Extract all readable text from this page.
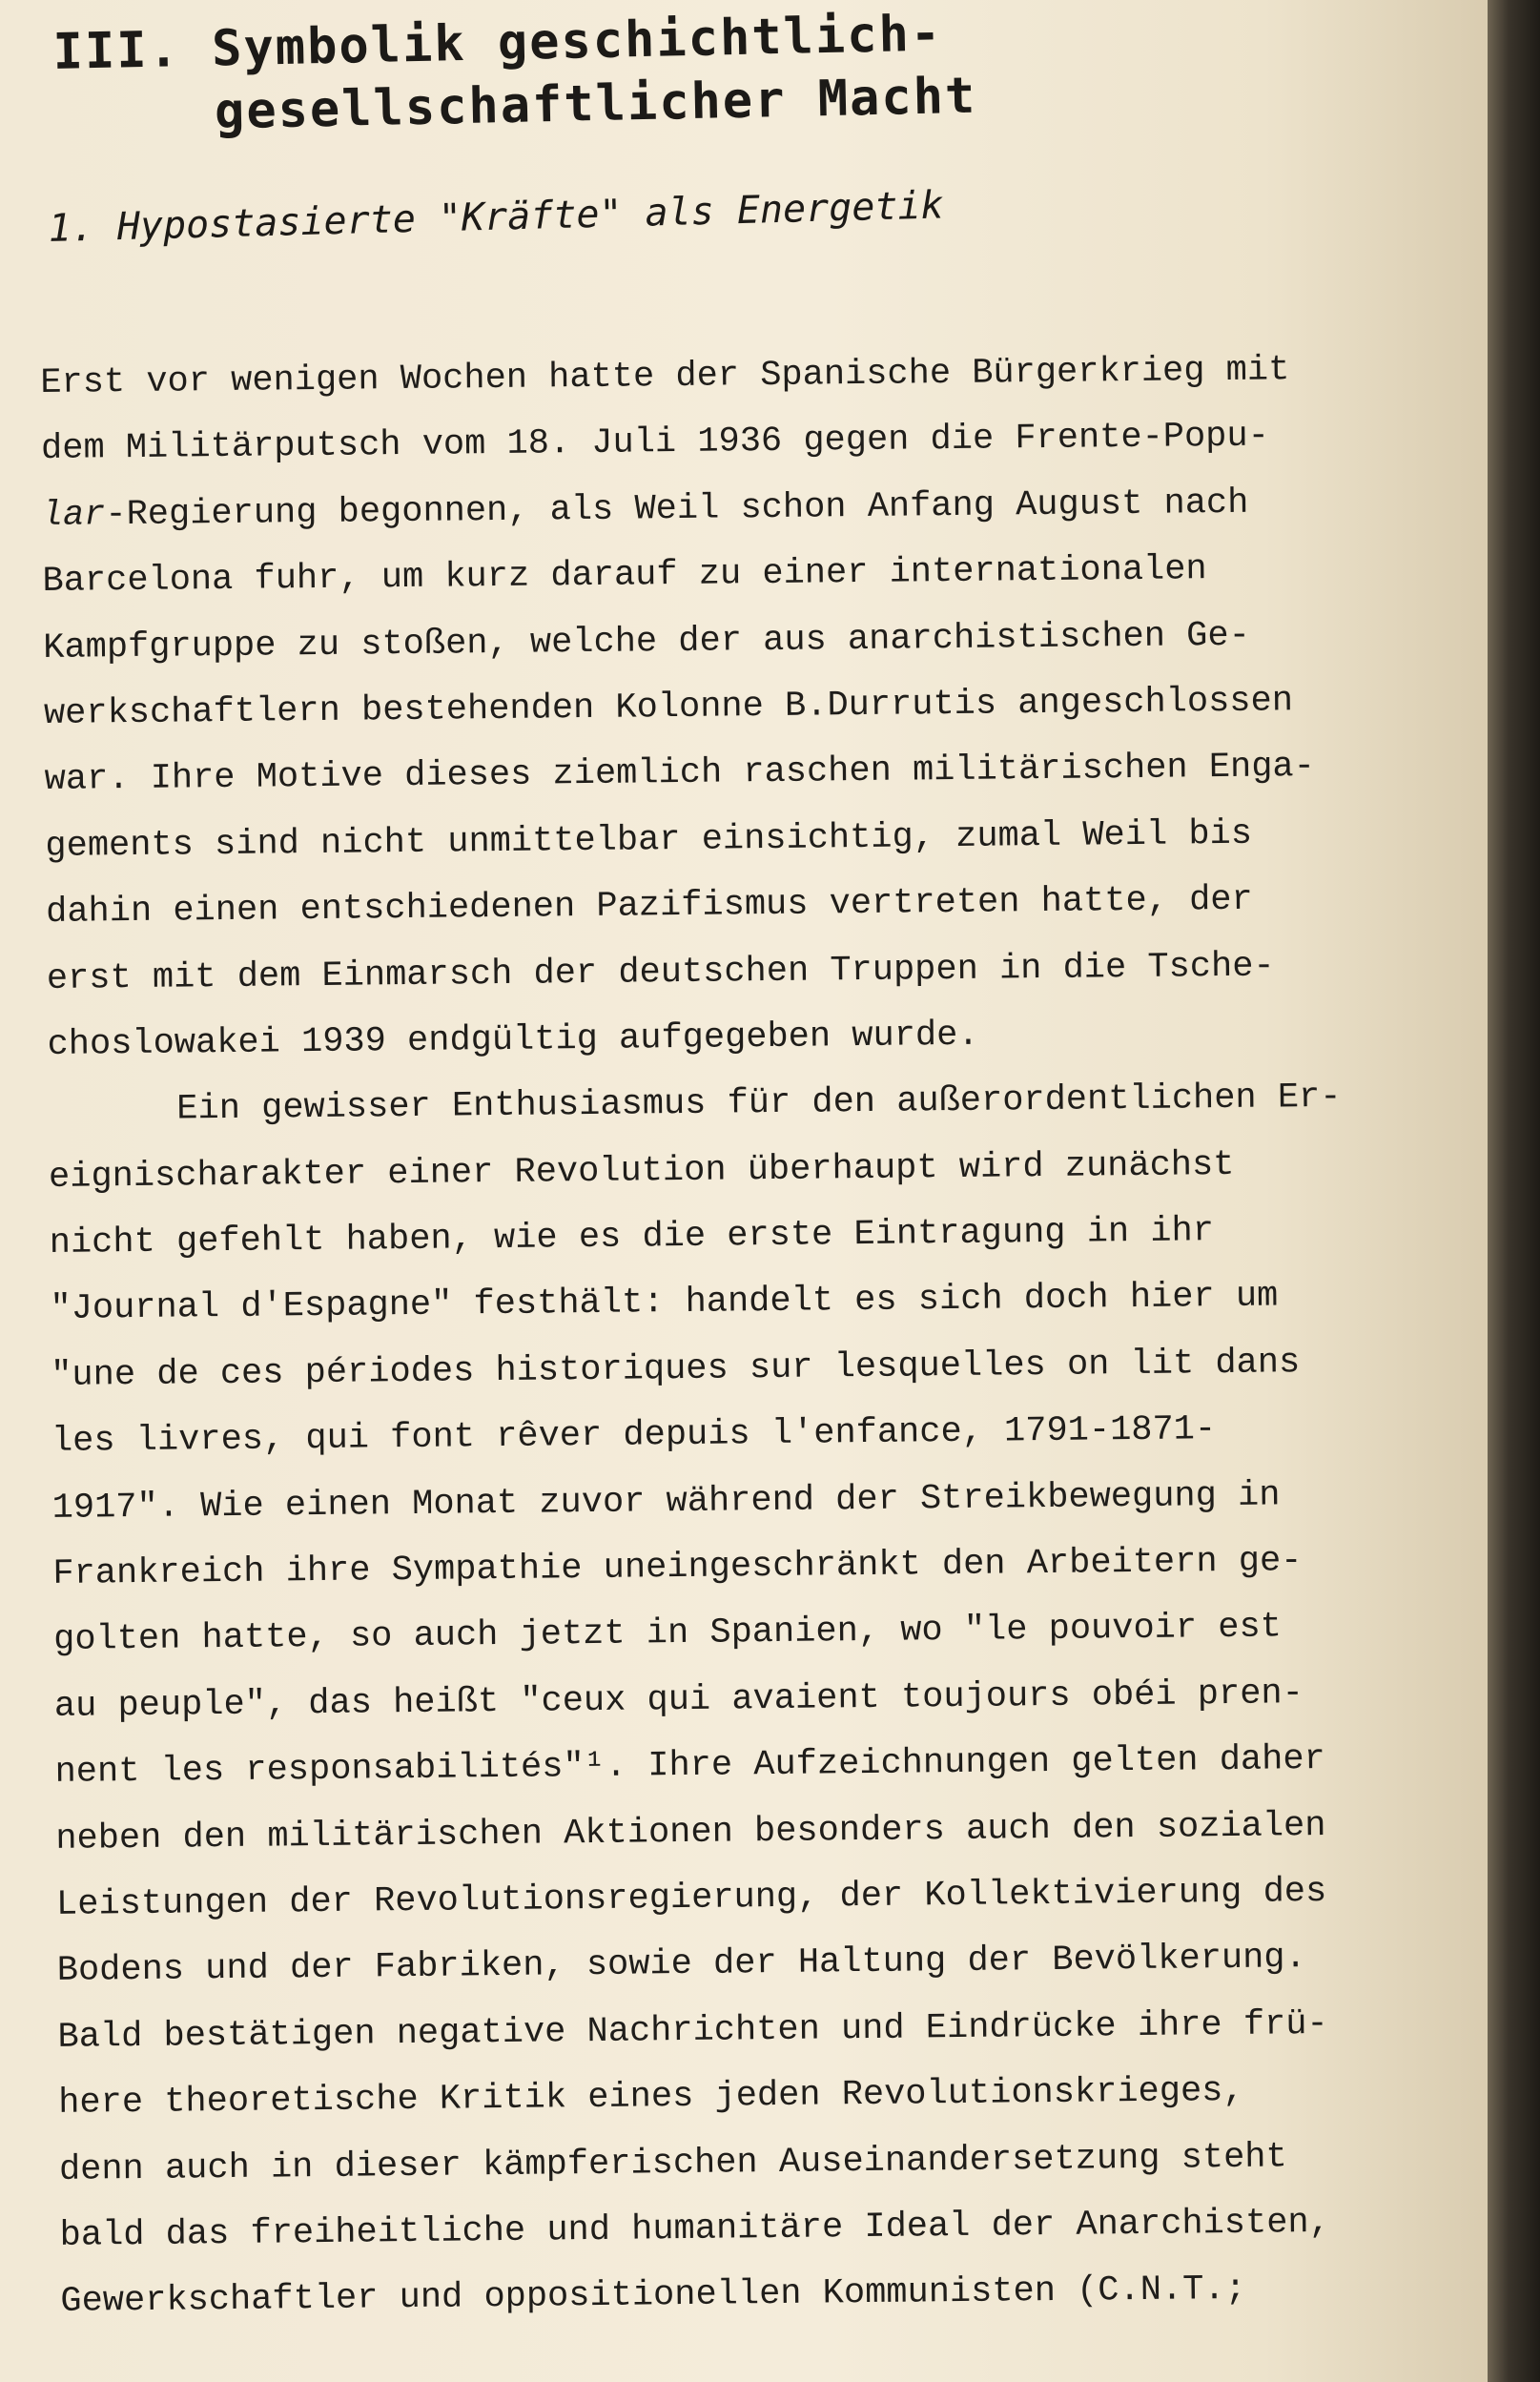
III. Symbolik geschichtlich-
gesellschaftlicher Macht
1. Hypostasierte "Kräfte" als Energetik
Erst vor wenigen Wochen hatte der Spanische Bürgerkrieg mit
dem Militärputsch vom 18. Juli 1936 gegen die Frente-Popu-
lar-Regierung begonnen, als Weil schon Anfang August nach
Barcelona fuhr, um kurz darauf zu einer internationalen
Kampfgruppe zu stoßen, welche der aus anarchistischen Ge-
werkschaftlern bestehenden Kolonne B.Durrutis angeschlossen
war. Ihre Motive dieses ziemlich raschen militärischen Enga-
gements sind nicht unmittelbar einsichtig, zumal Weil bis
dahin einen entschiedenen Pazifismus vertreten hatte, der
erst mit dem Einmarsch der deutschen Truppen in die Tsche-
choslowakei 1939 endgültig aufgegeben wurde.
Ein gewisser Enthusiasmus für den außerordentlichen Er-
eignischarakter einer Revolution überhaupt wird zunächst
nicht gefehlt haben, wie es die erste Eintragung in ihr
"Journal d'Espagne" festhält: handelt es sich doch hier um
"une de ces périodes historiques sur lesquelles on lit dans
les livres, qui font rêver depuis l'enfance, 1791-1871-
1917". Wie einen Monat zuvor während der Streikbewegung in
Frankreich ihre Sympathie uneingeschränkt den Arbeitern ge-
golten hatte, so auch jetzt in Spanien, wo "le pouvoir est
au peuple", das heißt "ceux qui avaient toujours obéi pren-
nent les responsabilités"¹. Ihre Aufzeichnungen gelten daher
neben den militärischen Aktionen besonders auch den sozialen
Leistungen der Revolutionsregierung, der Kollektivierung des
Bodens und der Fabriken, sowie der Haltung der Bevölkerung.
Bald bestätigen negative Nachrichten und Eindrücke ihre frü-
here theoretische Kritik eines jeden Revolutionskrieges,
denn auch in dieser kämpferischen Auseinandersetzung steht
bald das freiheitliche und humanitäre Ideal der Anarchisten,
Gewerkschaftler und oppositionellen Kommunisten (C.N.T.;
